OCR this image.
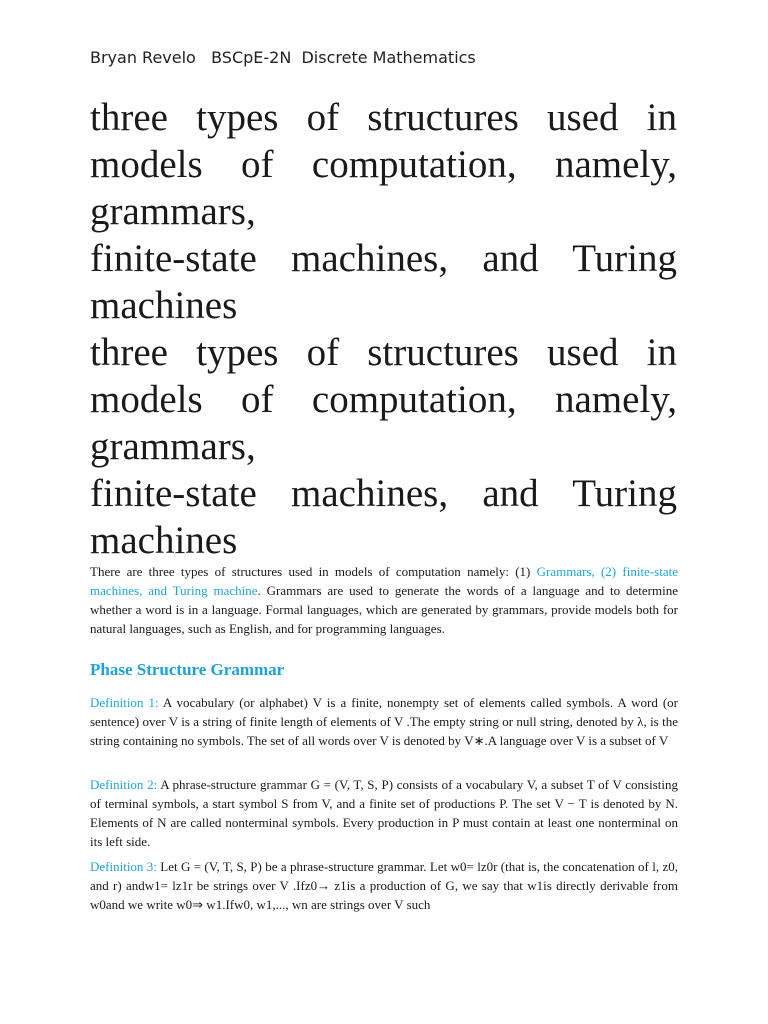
Bryan Revelo   BSCpE-2N  Discrete Mathematics

three types of structures used in models of computation, namely, grammars,

finite-state machines, and Turing machines

three types of structures used in models of computation, namely, grammars,

finite-state machines, and Turing machines

There are three types of structures used in models of computation namely: (1) Grammars, (2) finite-state machines, and Turing machine. Grammars are used to generate the words of a language and to determine whether a word is in a language. Formal languages, which are generated by grammars, provide models both for natural languages, such as English, and for programming languages.

Phase Structure Grammar

Definition 1: A vocabulary (or alphabet) V is a finite, nonempty set of elements called symbols. A word (or sentence) over V is a string of finite length of elements of V .The empty string or null string, denoted by λ, is the string containing no symbols. The set of all words over V is denoted by V∗.A language over V is a subset of V

Definition 2: A phrase-structure grammar G = (V, T, S, P) consists of a vocabulary V, a subset T of V consisting of terminal symbols, a start symbol S from V, and a finite set of productions P. The set V − T is denoted by N. Elements of N are called nonterminal symbols. Every production in P must contain at least one nonterminal on its left side.

Definition 3: Let G = (V, T, S, P) be a phrase-structure grammar. Let w0= lz0r (that is, the concatenation of l, z0, and r) andw1= lz1r be strings over V .Ifz0→ z1is a production of G, we say that w1is directly derivable from w0and we write w0⇒ w1.Ifw0, w1,..., wn are strings over V such
